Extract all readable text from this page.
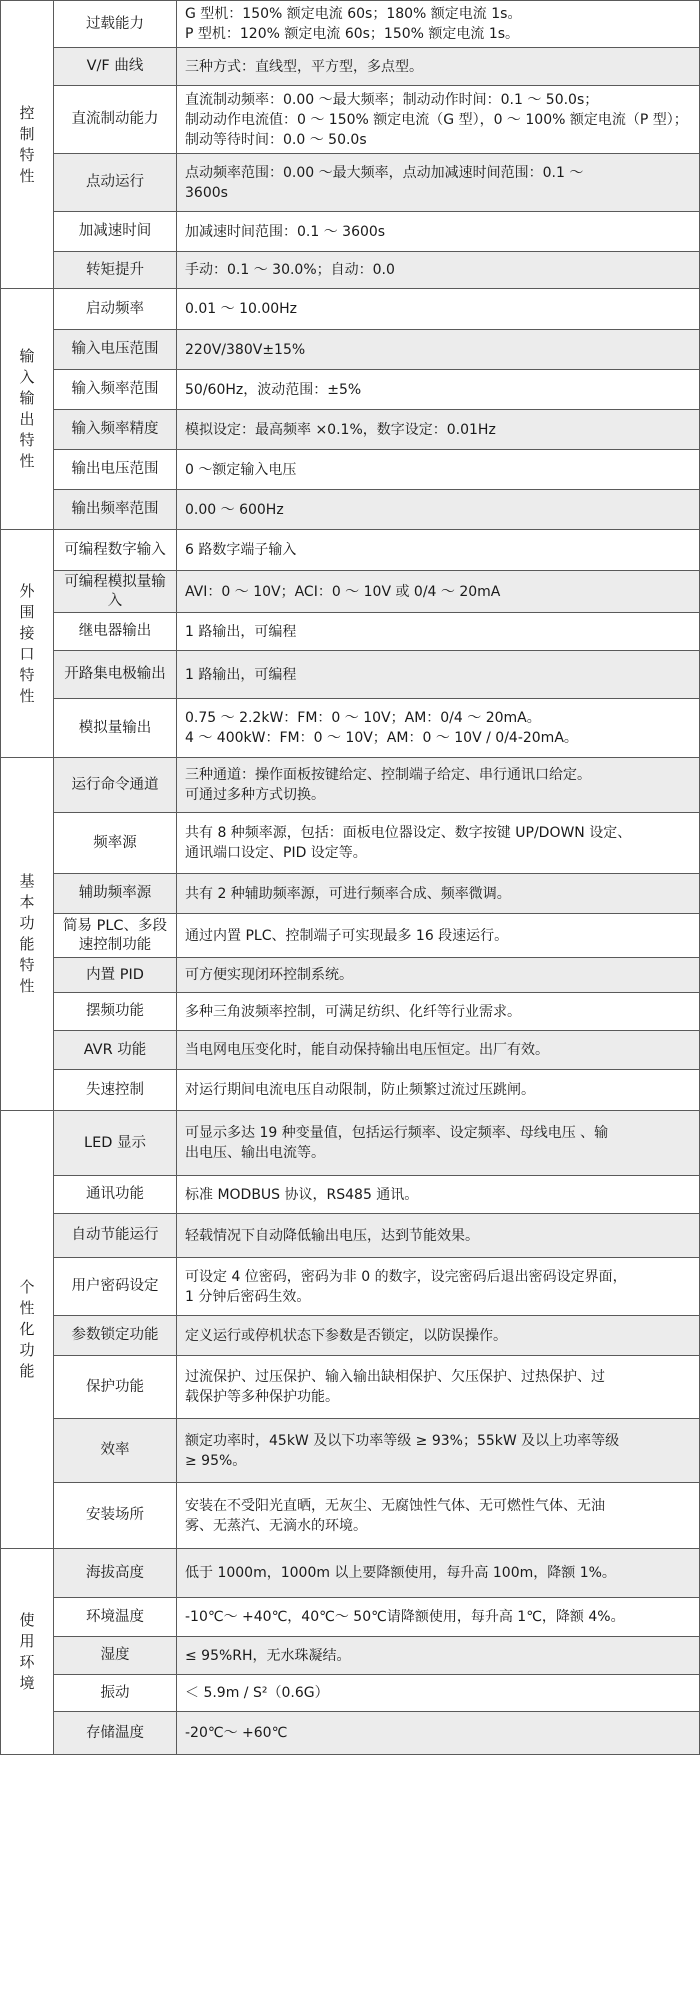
控制特性	过载能力	G 型机：150% 额定电流 60s；180% 额定电流 1s。
P 型机：120% 额定电流 60s；150% 额定电流 1s。
	V/F 曲线	三种方式：直线型，平方型，多点型。
	直流制动能力	直流制动频率：0.00 ～最大频率；制动动作时间：0.1 ～ 50.0s；
制动动作电流值：0 ～ 150% 额定电流（G 型），0 ～ 100% 额定电流（P 型）；
制动等待时间：0.0 ～ 50.0s
	点动运行	点动频率范围：0.00 ～最大频率，点动加减速时间范围：0.1 ～
3600s
	加减速时间	加减速时间范围：0.1 ～ 3600s
	转矩提升	手动：0.1 ～ 30.0%；自动：0.0
输入输出特性	启动频率	0.01 ～ 10.00Hz
	输入电压范围	220V/380V±15%
	输入频率范围	50/60Hz，波动范围：±5%
	输入频率精度	模拟设定：最高频率 ×0.1%，数字设定：0.01Hz
	输出电压范围	0 ～额定输入电压
	输出频率范围	0.00 ～ 600Hz
外围接口特性	可编程数字输入	6 路数字端子输入
	可编程模拟量输入	AVI：0 ～ 10V；ACI：0 ～ 10V 或 0/4 ～ 20mA
	继电器输出	1 路输出，可编程
	开路集电极输出	1 路输出，可编程
	模拟量输出	0.75 ～ 2.2kW：FM：0 ～ 10V；AM：0/4 ～ 20mA。
4 ～ 400kW：FM：0 ～ 10V；AM：0 ～ 10V / 0/4-20mA。
基本功能特性	运行命令通道	三种通道：操作面板按键给定、控制端子给定、串行通讯口给定。
可通过多种方式切换。
	频率源	共有 8 种频率源，包括：面板电位器设定、数字按键 UP/DOWN 设定、
通讯端口设定、PID 设定等。
	辅助频率源	共有 2 种辅助频率源，可进行频率合成、频率微调。
	简易 PLC、多段速控制功能	通过内置 PLC、控制端子可实现最多 16 段速运行。
	内置 PID	可方便实现闭环控制系统。
	摆频功能	多种三角波频率控制，可满足纺织、化纤等行业需求。
	AVR 功能	当电网电压变化时，能自动保持输出电压恒定。出厂有效。
	失速控制	对运行期间电流电压自动限制，防止频繁过流过压跳闸。
个性化功能	LED 显示	可显示多达 19 种变量值，包括运行频率、设定频率、母线电压 、输
出电压、输出电流等。
	通讯功能	标准 MODBUS 协议，RS485 通讯。
	自动节能运行	轻载情况下自动降低输出电压，达到节能效果。
	用户密码设定	可设定 4 位密码，密码为非 0 的数字，设完密码后退出密码设定界面，
1 分钟后密码生效。
	参数锁定功能	定义运行或停机状态下参数是否锁定，以防误操作。
	保护功能	过流保护、过压保护、输入输出缺相保护、欠压保护、过热保护、过
载保护等多种保护功能。
	效率	额定功率时，45kW 及以下功率等级 ≥ 93%；55kW 及以上功率等级
≥ 95%。
	安装场所	安装在不受阳光直晒，无灰尘、无腐蚀性气体、无可燃性气体、无油
雾、无蒸汽、无滴水的环境。
使用环境	海拔高度	低于 1000m，1000m 以上要降额使用，每升高 100m，降额 1%。
	环境温度	-10℃～ +40℃，40℃～ 50℃请降额使用，每升高 1℃，降额 4%。
	湿度	≤ 95%RH，无水珠凝结。
	振动	＜ 5.9m / S²（0.6G）
	存储温度	-20℃～ +60℃
